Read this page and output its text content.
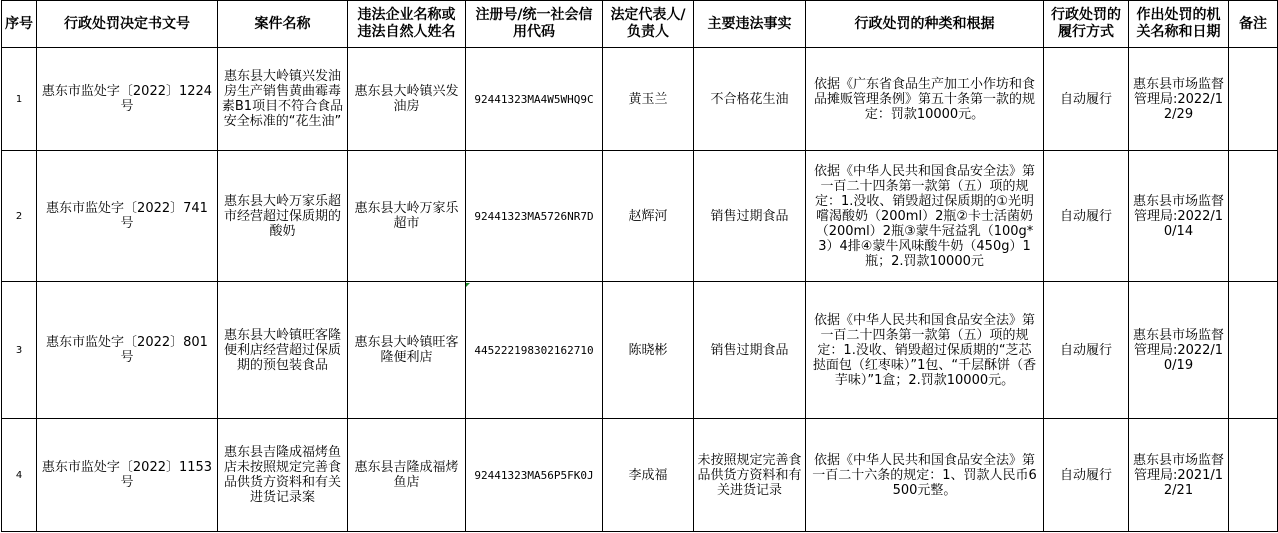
序号	行政处罚决定书文号	案件名称	违法企业名称或违法自然人姓名	注册号/统一社会信用代码	法定代表人/负责人	主要违法事实	行政处罚的种类和根据	行政处罚的履行方式	作出处罚的机关名称和日期	备注
1	惠东市监处字〔2022〕1224号	惠东县大岭镇兴发油房生产销售黄曲霉毒素B1项目不符合食品安全标准的“花生油”	惠东县大岭镇兴发油房	92441323MA4W5WHQ9C	黄玉兰	不合格花生油	依据《广东省食品生产加工小作坊和食品摊贩管理条例》第五十条第一款的规定：罚款10000元。	自动履行	惠东县市场监督管理局:2022/12/29	
2	惠东市监处字〔2022〕741号	惠东县大岭万家乐超市经营超过保质期的酸奶	惠东县大岭万家乐超市	92441323MA5726NR7D	赵辉河	销售过期食品	依据《中华人民共和国食品安全法》第一百二十四条第一款第（五）项的规定：1.没收、销毁超过保质期的①光明嚐渴酸奶（200ml）2瓶②卡士活菌奶（200ml）2瓶③蒙牛冠益乳（100g*3）4排④蒙牛风味酸牛奶（450g）1瓶；2.罚款10000元	自动履行	惠东县市场监督管理局:2022/10/14	
3	惠东市监处字〔2022〕801号	惠东县大岭镇旺客隆便利店经营超过保质期的预包装食品	惠东县大岭镇旺客隆便利店	445222198302162710	陈晓彬	销售过期食品	依据《中华人民共和国食品安全法》第一百二十四条第一款第（五）项的规定：1.没收、销毁超过保质期的“芝芯挞面包（红枣味）”1包、“千层酥饼（香芋味）”1盒；2.罚款10000元。	自动履行	惠东县市场监督管理局:2022/10/19	
4	惠东市监处字〔2022〕1153号	惠东县吉隆成福烤鱼店未按照规定完善食品供货方资料和有关进货记录案	惠东县吉隆成福烤鱼店	92441323MA56P5FK0J	李成福	未按照规定完善食品供货方资料和有关进货记录	依据《中华人民共和国食品安全法》第一百二十六条的规定：1、罚款人民币6500元整。	自动履行	惠东县市场监督管理局:2021/12/21	
